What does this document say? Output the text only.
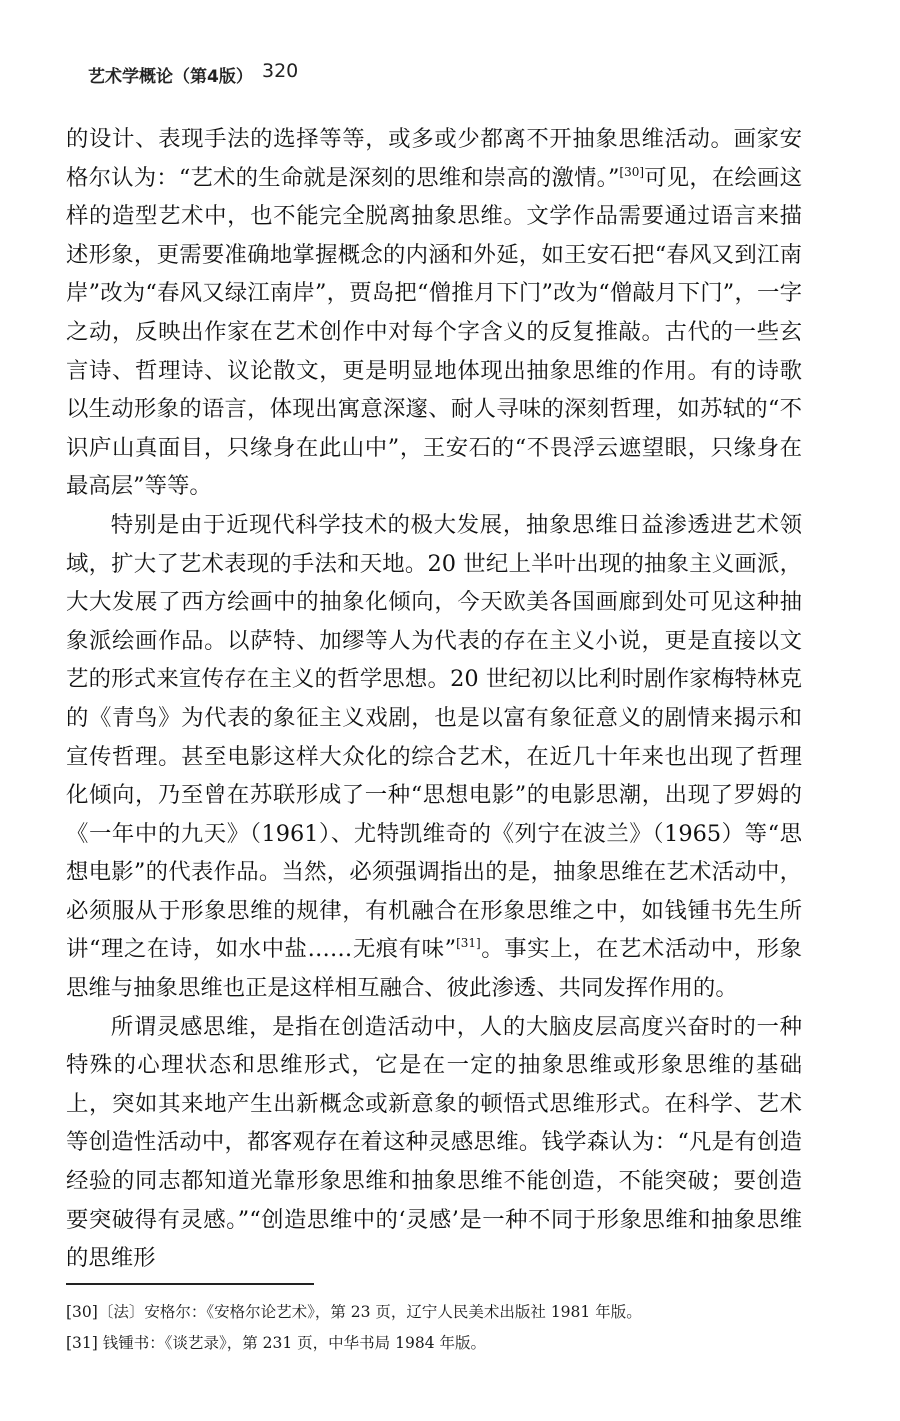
艺术学概论（第4版） 320

的设计、表现手法的选择等等，或多或少都离不开抽象思维活动。画家安格尔认为：“艺术的生命就是深刻的思维和崇高的激情。”[30]可见，在绘画这样的造型艺术中，也不能完全脱离抽象思维。文学作品需要通过语言来描述形象，更需要准确地掌握概念的内涵和外延，如王安石把“春风又到江南岸”改为“春风又绿江南岸”，贾岛把“僧推月下门”改为“僧敲月下门”，一字之动，反映出作家在艺术创作中对每个字含义的反复推敲。古代的一些玄言诗、哲理诗、议论散文，更是明显地体现出抽象思维的作用。有的诗歌以生动形象的语言，体现出寓意深邃、耐人寻味的深刻哲理，如苏轼的“不识庐山真面目，只缘身在此山中”，王安石的“不畏浮云遮望眼，只缘身在最高层”等等。

特别是由于近现代科学技术的极大发展，抽象思维日益渗透进艺术领域，扩大了艺术表现的手法和天地。20 世纪上半叶出现的抽象主义画派，大大发展了西方绘画中的抽象化倾向，今天欧美各国画廊到处可见这种抽象派绘画作品。以萨特、加缪等人为代表的存在主义小说，更是直接以文艺的形式来宣传存在主义的哲学思想。20 世纪初以比利时剧作家梅特林克的《青鸟》为代表的象征主义戏剧，也是以富有象征意义的剧情来揭示和宣传哲理。甚至电影这样大众化的综合艺术，在近几十年来也出现了哲理化倾向，乃至曾在苏联形成了一种“思想电影”的电影思潮，出现了罗姆的《一年中的九天》（1961）、尤特凯维奇的《列宁在波兰》（1965）等“思想电影”的代表作品。当然，必须强调指出的是，抽象思维在艺术活动中，必须服从于形象思维的规律，有机融合在形象思维之中，如钱锺书先生所讲“理之在诗，如水中盐……无痕有味”[31]。事实上，在艺术活动中，形象思维与抽象思维也正是这样相互融合、彼此渗透、共同发挥作用的。

所谓灵感思维，是指在创造活动中，人的大脑皮层高度兴奋时的一种特殊的心理状态和思维形式，它是在一定的抽象思维或形象思维的基础上，突如其来地产生出新概念或新意象的顿悟式思维形式。在科学、艺术等创造性活动中，都客观存在着这种灵感思维。钱学森认为：“凡是有创造经验的同志都知道光靠形象思维和抽象思维不能创造，不能突破；要创造要突破得有灵感。”“创造思维中的‘灵感’是一种不同于形象思维和抽象思维的思维形

[30]〔法〕安格尔：《安格尔论艺术》，第 23 页，辽宁人民美术出版社 1981 年版。
[31] 钱锺书：《谈艺录》，第 231 页，中华书局 1984 年版。
